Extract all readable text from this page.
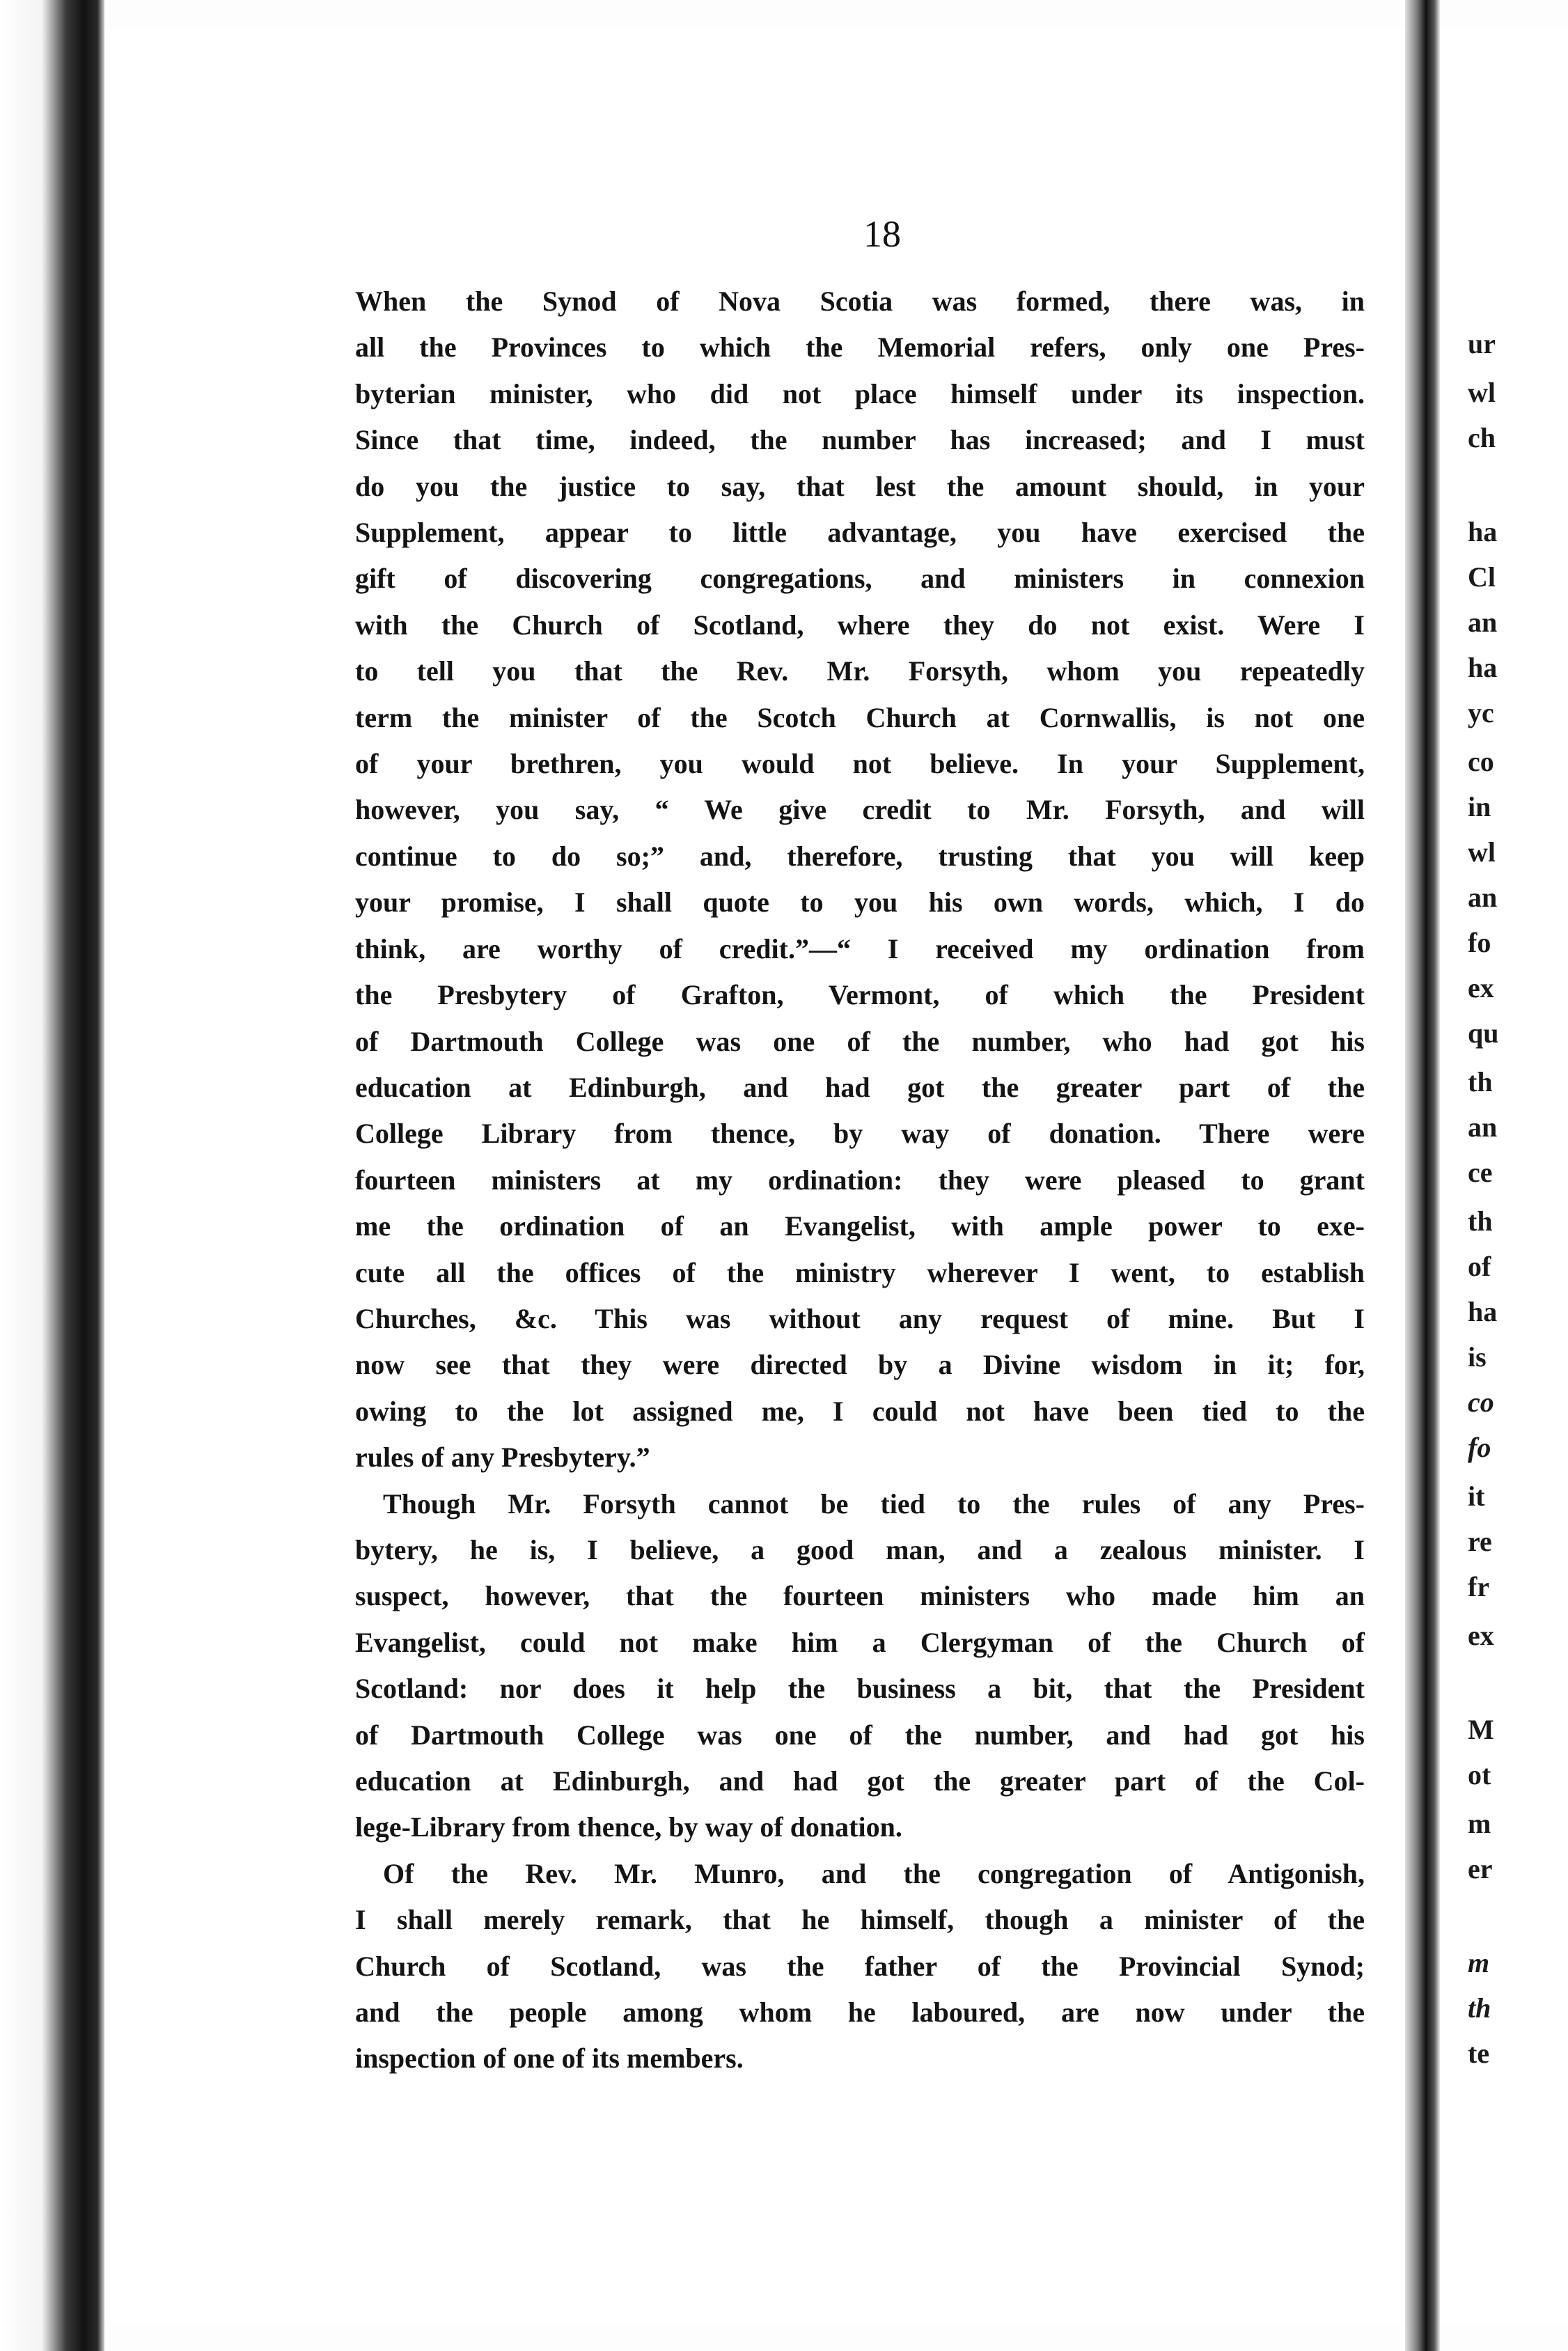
18
When the Synod of Nova Scotia was formed, there was, in
all the Provinces to which the Memorial refers, only one Pres-
byterian minister, who did not place himself under its inspection.
Since that time, indeed, the number has increased; and I must
do you the justice to say, that lest the amount should, in your
Supplement, appear to little advantage, you have exercised the
gift of discovering congregations, and ministers in connexion
with the Church of Scotland, where they do not exist. Were I
to tell you that the Rev. Mr. Forsyth, whom you repeatedly
term the minister of the Scotch Church at Cornwallis, is not one
of your brethren, you would not believe. In your Supplement,
however, you say, “ We give credit to Mr. Forsyth, and will
continue to do so;” and, therefore, trusting that you will keep
your promise, I shall quote to you his own words, which, I do
think, are worthy of credit.”—“ I received my ordination from
the Presbytery of Grafton, Vermont, of which the President
of Dartmouth College was one of the number, who had got his
education at Edinburgh, and had got the greater part of the
College Library from thence, by way of donation. There were
fourteen ministers at my ordination: they were pleased to grant
me the ordination of an Evangelist, with ample power to exe-
cute all the offices of the ministry wherever I went, to establish
Churches, &c. This was without any request of mine. But I
now see that they were directed by a Divine wisdom in it; for,
owing to the lot assigned me, I could not have been tied to the
rules of any Presbytery.”
Though Mr. Forsyth cannot be tied to the rules of any Pres-
bytery, he is, I believe, a good man, and a zealous minister. I
suspect, however, that the fourteen ministers who made him an
Evangelist, could not make him a Clergyman of the Church of
Scotland: nor does it help the business a bit, that the President
of Dartmouth College was one of the number, and had got his
education at Edinburgh, and had got the greater part of the Col-
lege-Library from thence, by way of donation.
Of the Rev. Mr. Munro, and the congregation of Antigonish,
I shall merely remark, that he himself, though a minister of the
Church of Scotland, was the father of the Provincial Synod;
and the people among whom he laboured, are now under the
inspection of one of its members.
ur
wl
ch
ha
Cl
an
ha
yc
co
in
wl
an
fo
ex
qu
th
an
ce
th
of
ha
is
co
fo
it
re
fr
ex
M
ot
m
er
m
th
te
